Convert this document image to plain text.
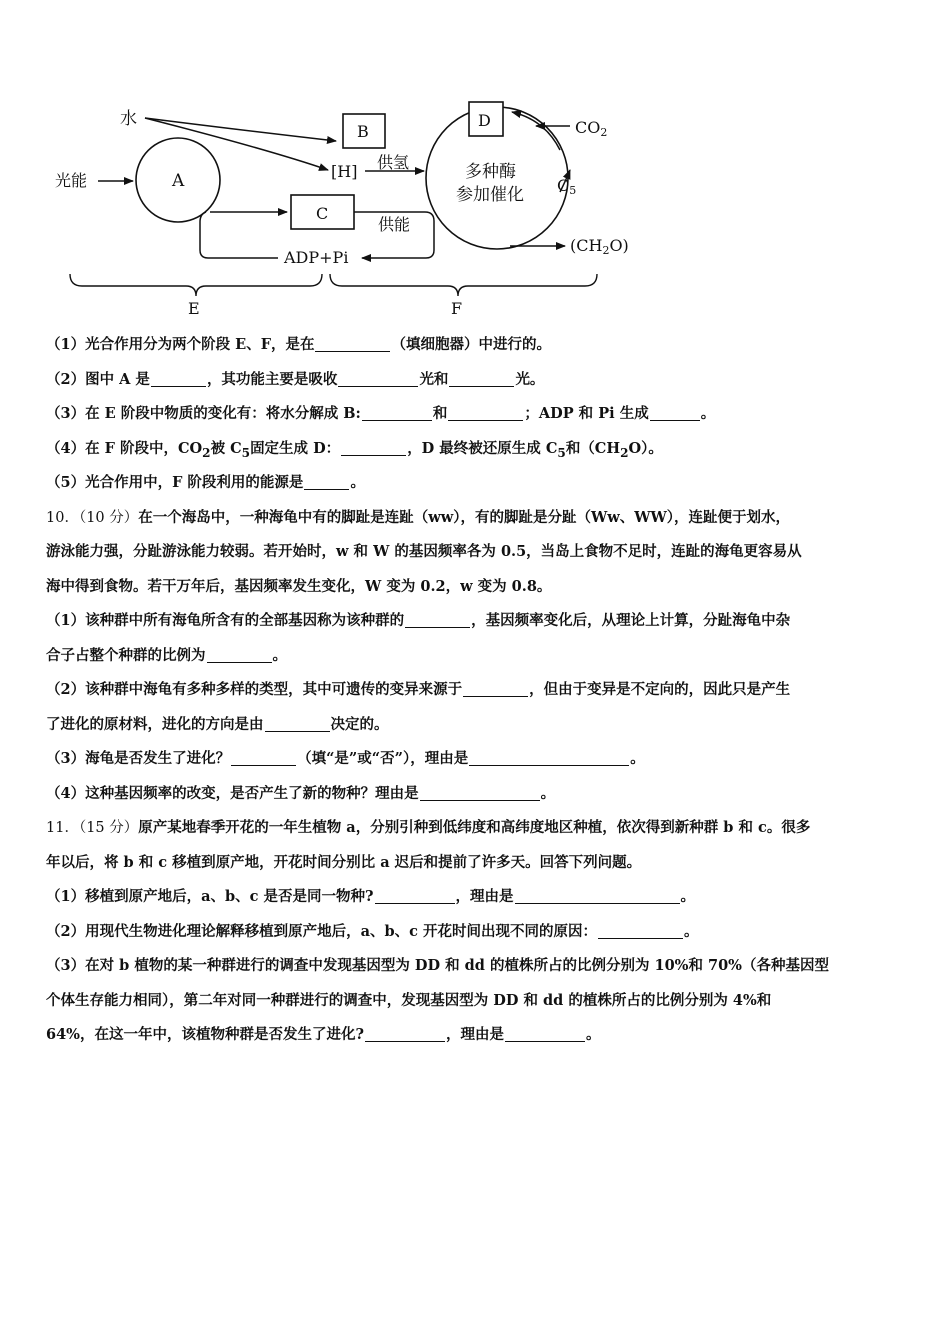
水
光能	A
B
[H] 供氢
C
供能
ADP+Pi
多种酶
参加催化
D	CO2
C5
(CH2O)
E	F
（1）光合作用分为两个阶段 E、F，是在	（填细胞器）中进行的。
（2）图中 A 是	，其功能主要是吸收	光和	光。
（3）在 E 阶段中物质的变化有：将水分解成 B:	和	；ADP 和 Pi 生成	。
（4）在 F 阶段中，$CO_2$被 $C_5$固定生成 D：	，D 最终被还原生成 $C_5$和$(CH_2O)$。
（5）光合作用中，F 阶段利用的能源是	。
10．（10 分）在一个海岛中，一种海龟中有的脚趾是连趾（ww），有的脚趾是分趾（Ww、WW），连趾便于划水，
游泳能力强，分趾游泳能力较弱。若开始时，w 和 W 的基因频率各为 0.5，当岛上食物不足时，连趾的海龟更容易从
海中得到食物。若干万年后，基因频率发生变化，W 变为 0.2，w 变为 0.8。
（1）该种群中所有海龟所含有的全部基因称为该种群的	，基因频率变化后，从理论上计算，分趾海龟中杂
合子占整个种群的比例为	。
（2）该种群中海龟有多种多样的类型，其中可遗传的变异来源于	，但由于变异是不定向的，因此只是产生
了进化的原材料，进化的方向是由	决定的。
（3）海龟是否发生了进化？	（填“是”或“否”），理由是	。
（4）这种基因频率的改变，是否产生了新的物种？理由是	。
11．（15 分）原产某地春季开花的一年生植物 a，分别引种到低纬度和高纬度地区种植，依次得到新种群 b 和 c。很多
年以后，将 b 和 c 移植到原产地，开花时间分别比 a 迟后和提前了许多天。回答下列问题。
（1）移植到原产地后，a、b、c 是否是同一物种?	，理由是	。
（2）用现代生物进化理论解释移植到原产地后，a、b、c 开花时间出现不同的原因：	。
（3）在对 b 植物的某一种群进行的调查中发现基因型为 DD 和 dd 的植株所占的比例分别为 10%和 70%（各种基因型
个体生存能力相同），第二年对同一种群进行的调查中，发现基因型为 DD 和 dd 的植株所占的比例分别为 4%和
64%，在这一年中，该植物种群是否发生了进化?	，理由是	。
